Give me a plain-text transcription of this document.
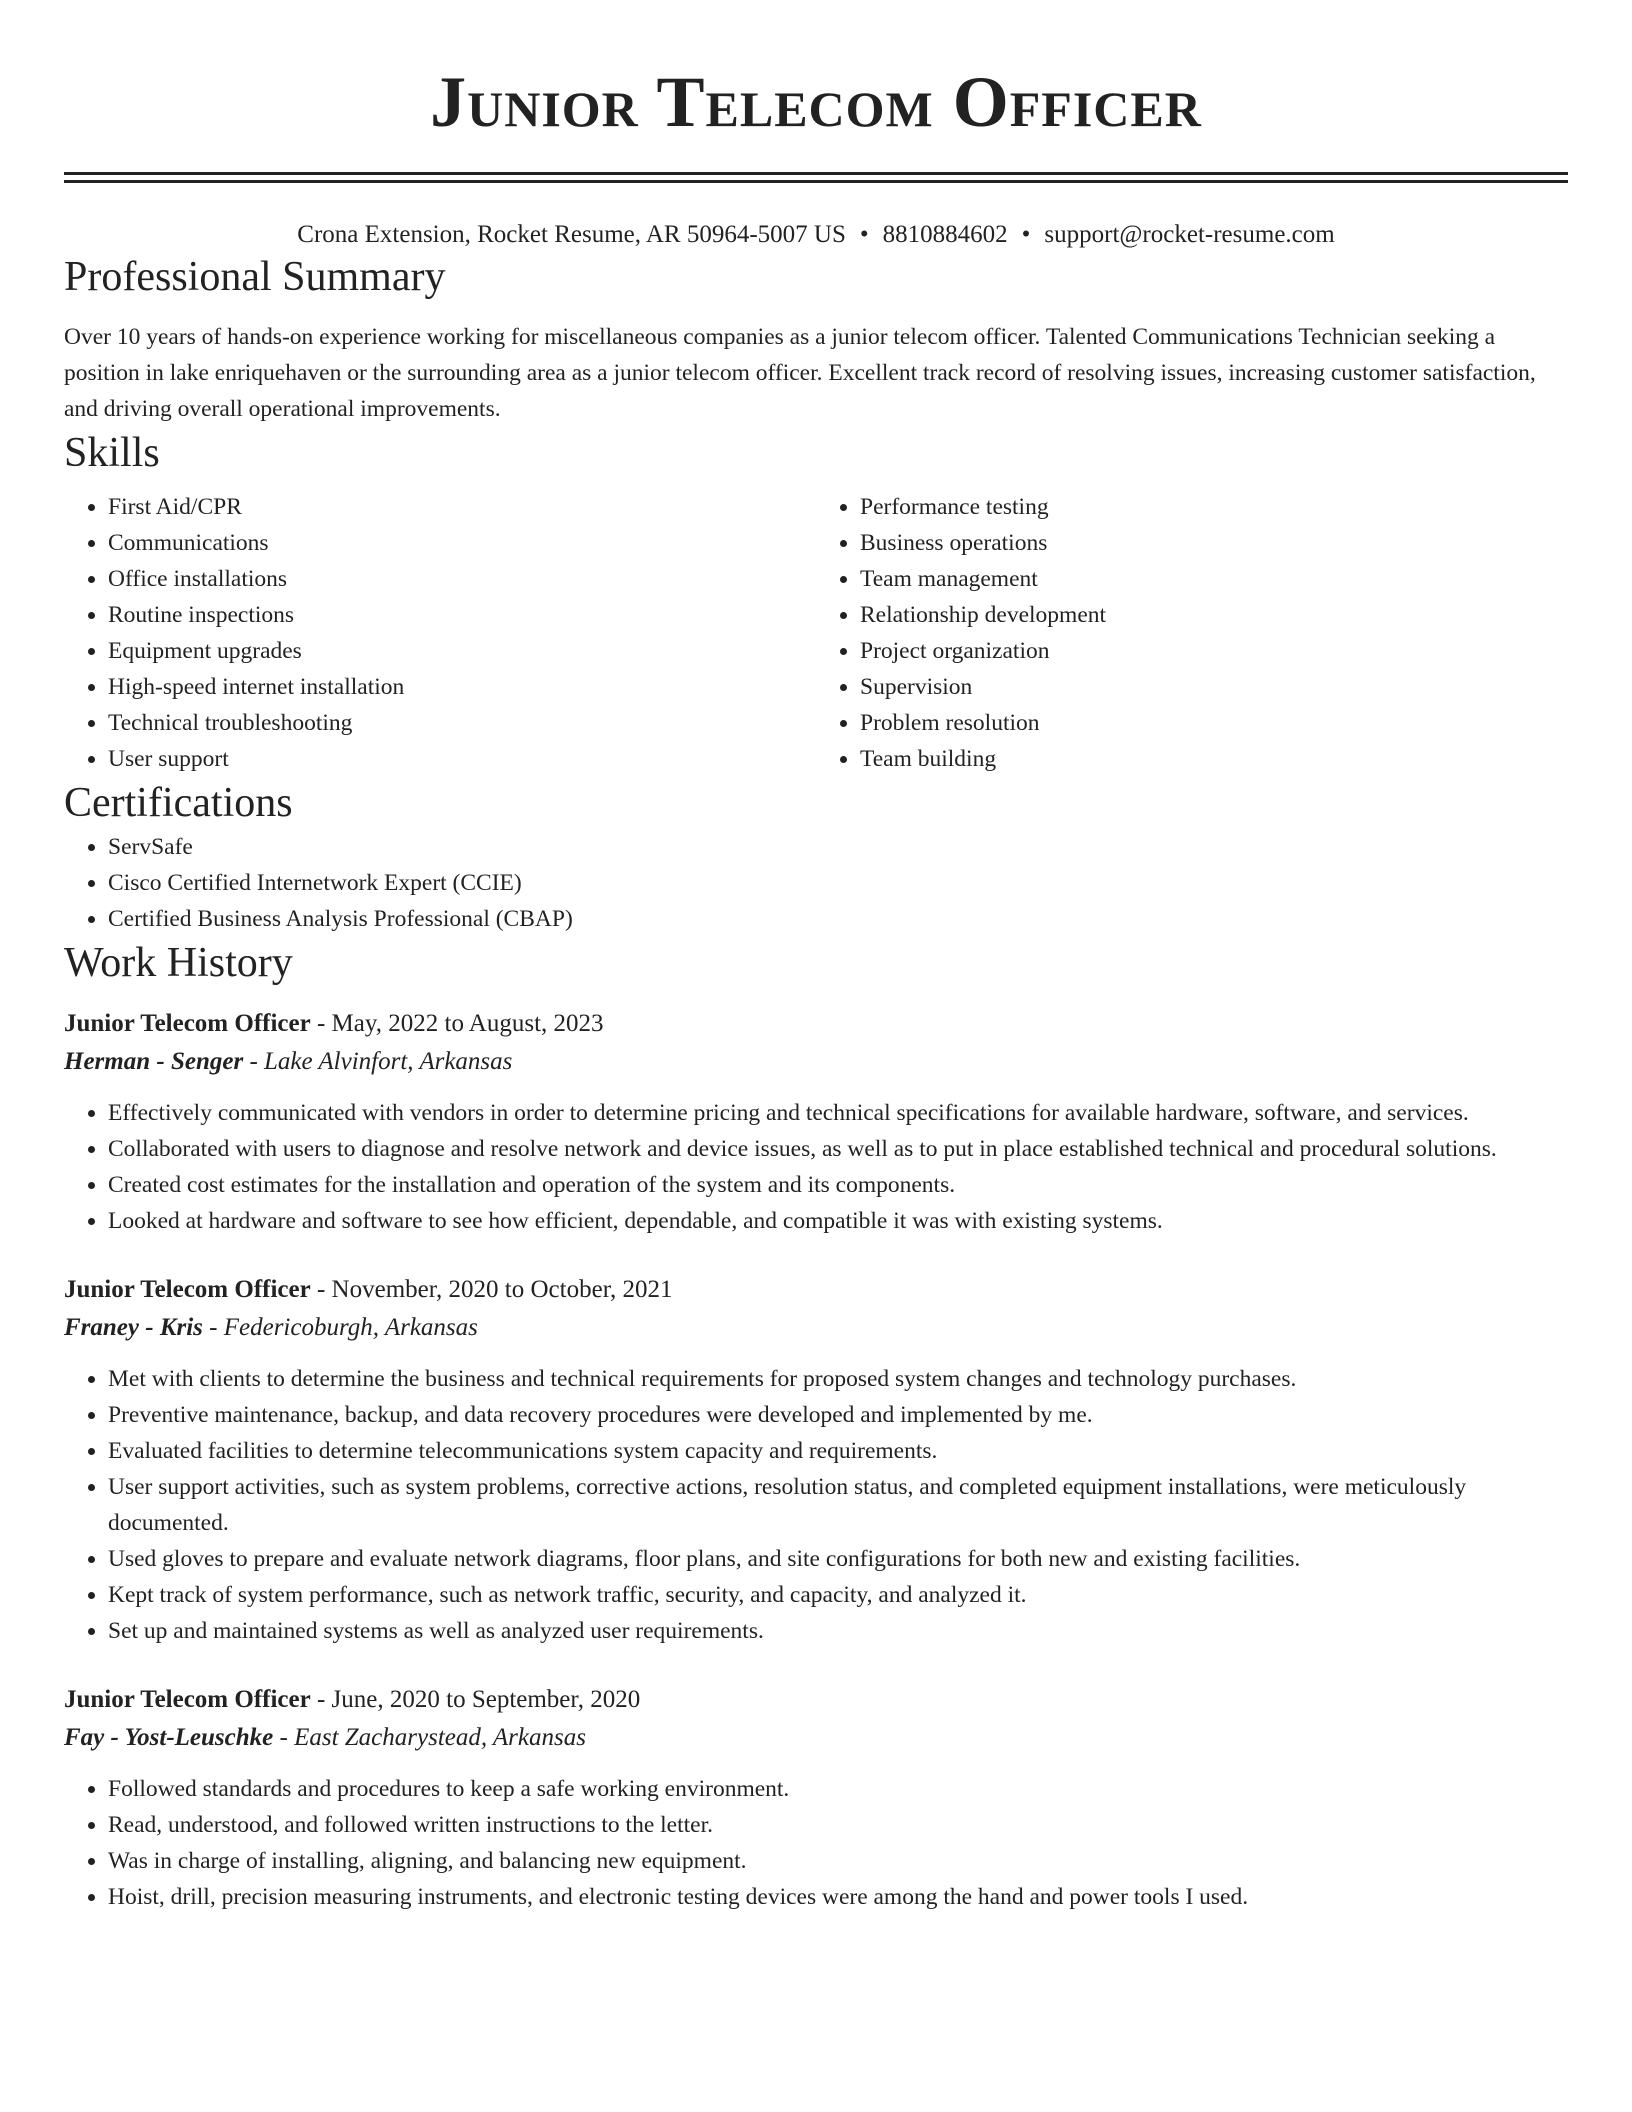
Junior Telecom Officer
Crona Extension, Rocket Resume, AR 50964-5007 US • 8810884602 • support@rocket-resume.com
Professional Summary
Over 10 years of hands-on experience working for miscellaneous companies as a junior telecom officer. Talented Communications Technician seeking a position in lake enriquehaven or the surrounding area as a junior telecom officer. Excellent track record of resolving issues, increasing customer satisfaction, and driving overall operational improvements.
Skills
• First Aid/CPR
• Communications
• Office installations
• Routine inspections
• Equipment upgrades
• High-speed internet installation
• Technical troubleshooting
• User support
• Performance testing
• Business operations
• Team management
• Relationship development
• Project organization
• Supervision
• Problem resolution
• Team building
Certifications
• ServSafe
• Cisco Certified Internetwork Expert (CCIE)
• Certified Business Analysis Professional (CBAP)
Work History
Junior Telecom Officer - May, 2022 to August, 2023
Herman - Senger - Lake Alvinfort, Arkansas
• Effectively communicated with vendors in order to determine pricing and technical specifications for available hardware, software, and services.
• Collaborated with users to diagnose and resolve network and device issues, as well as to put in place established technical and procedural solutions.
• Created cost estimates for the installation and operation of the system and its components.
• Looked at hardware and software to see how efficient, dependable, and compatible it was with existing systems.
Junior Telecom Officer - November, 2020 to October, 2021
Franey - Kris - Federicoburgh, Arkansas
• Met with clients to determine the business and technical requirements for proposed system changes and technology purchases.
• Preventive maintenance, backup, and data recovery procedures were developed and implemented by me.
• Evaluated facilities to determine telecommunications system capacity and requirements.
• User support activities, such as system problems, corrective actions, resolution status, and completed equipment installations, were meticulously documented.
• Used gloves to prepare and evaluate network diagrams, floor plans, and site configurations for both new and existing facilities.
• Kept track of system performance, such as network traffic, security, and capacity, and analyzed it.
• Set up and maintained systems as well as analyzed user requirements.
Junior Telecom Officer - June, 2020 to September, 2020
Fay - Yost-Leuschke - East Zacharystead, Arkansas
• Followed standards and procedures to keep a safe working environment.
• Read, understood, and followed written instructions to the letter.
• Was in charge of installing, aligning, and balancing new equipment.
• Hoist, drill, precision measuring instruments, and electronic testing devices were among the hand and power tools I used.
